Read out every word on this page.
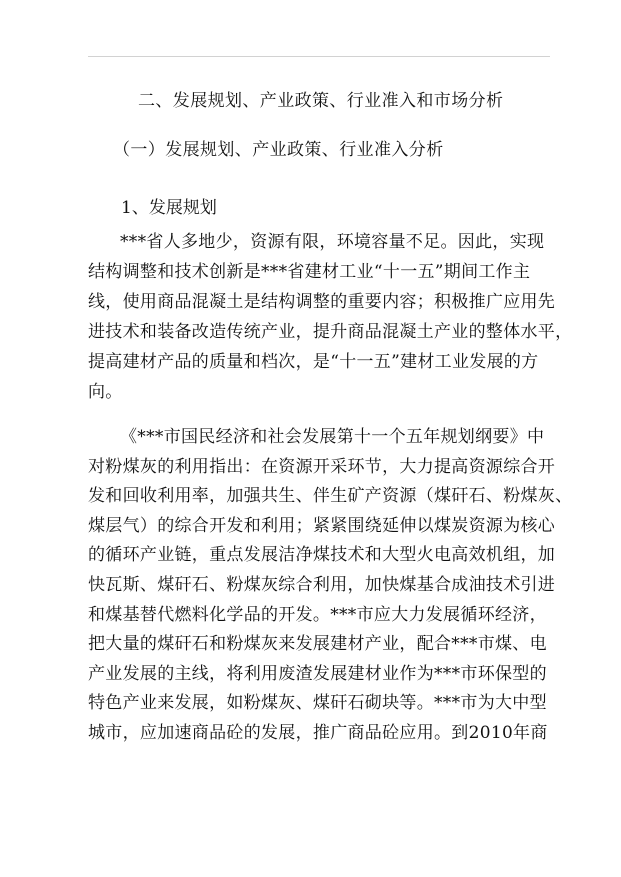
二、发展规划、产业政策、行业准入和市场分析
（一）发展规划、产业政策、行业准入分析
1、发展规划
***省人多地少，资源有限，环境容量不足。因此，实现
结构调整和技术创新是***省建材工业“十一五”期间工作主
线，使用商品混凝土是结构调整的重要内容；积极推广应用先
进技术和装备改造传统产业，提升商品混凝土产业的整体水平，
提高建材产品的质量和档次，是“十一五”建材工业发展的方
向。
《***市国民经济和社会发展第十一个五年规划纲要》中
对粉煤灰的利用指出：在资源开采环节，大力提高资源综合开
发和回收利用率，加强共生、伴生矿产资源（煤矸石、粉煤灰、
煤层气）的综合开发和利用；紧紧围绕延伸以煤炭资源为核心
的循环产业链，重点发展洁净煤技术和大型火电高效机组，加
快瓦斯、煤矸石、粉煤灰综合利用，加快煤基合成油技术引进
和煤基替代燃料化学品的开发。***市应大力发展循环经济，
把大量的煤矸石和粉煤灰来发展建材产业，配合***市煤、电
产业发展的主线，将利用废渣发展建材业作为***市环保型的
特色产业来发展，如粉煤灰、煤矸石砌块等。***市为大中型
城市，应加速商品砼的发展，推广商品砼应用。到2010年商
